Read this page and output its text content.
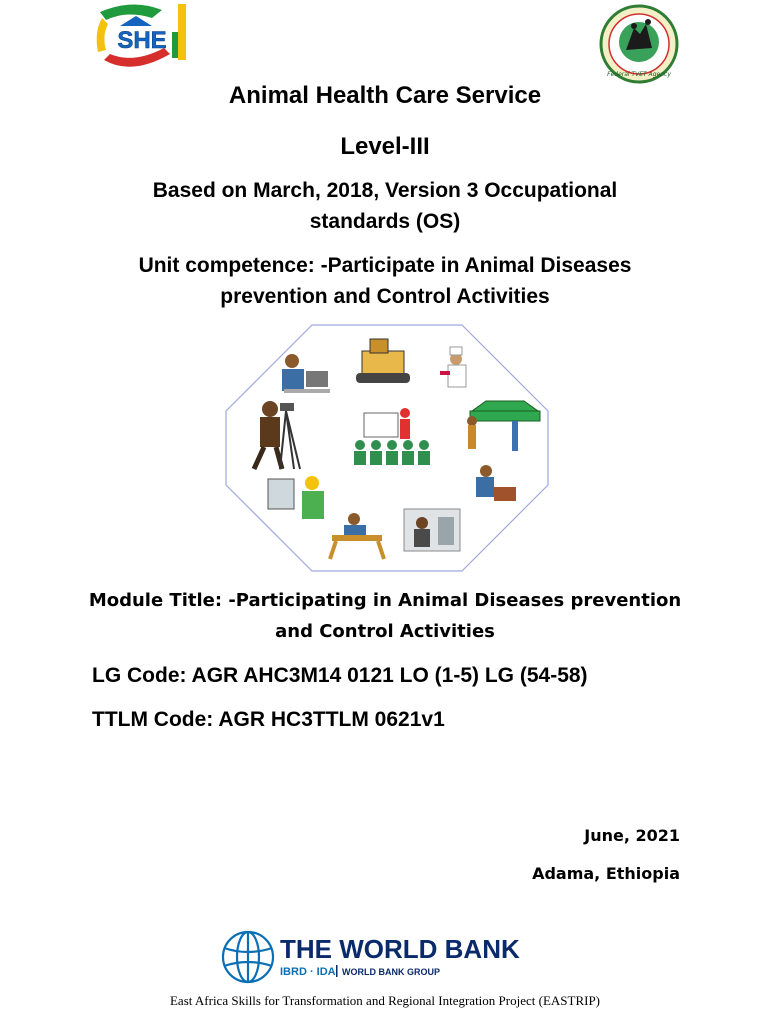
SHE
Federal TVET Agency
Animal Health Care Service
Level-III
Based on March, 2018, Version 3 Occupational standards (OS)
Unit competence: -Participate in Animal Diseases prevention and Control Activities
Module Title: -Participating in Animal Diseases prevention and Control Activities
LG Code: AGR AHC3M14 0121 LO (1-5) LG (54-58)
TTLM Code: AGR HC3TTLM 0621v1
June, 2021
Adama, Ethiopia
THE WORLD BANK
IBRD · IDA WORLD BANK GROUP
East Africa Skills for Transformation and Regional Integration Project (EASTRIP)
